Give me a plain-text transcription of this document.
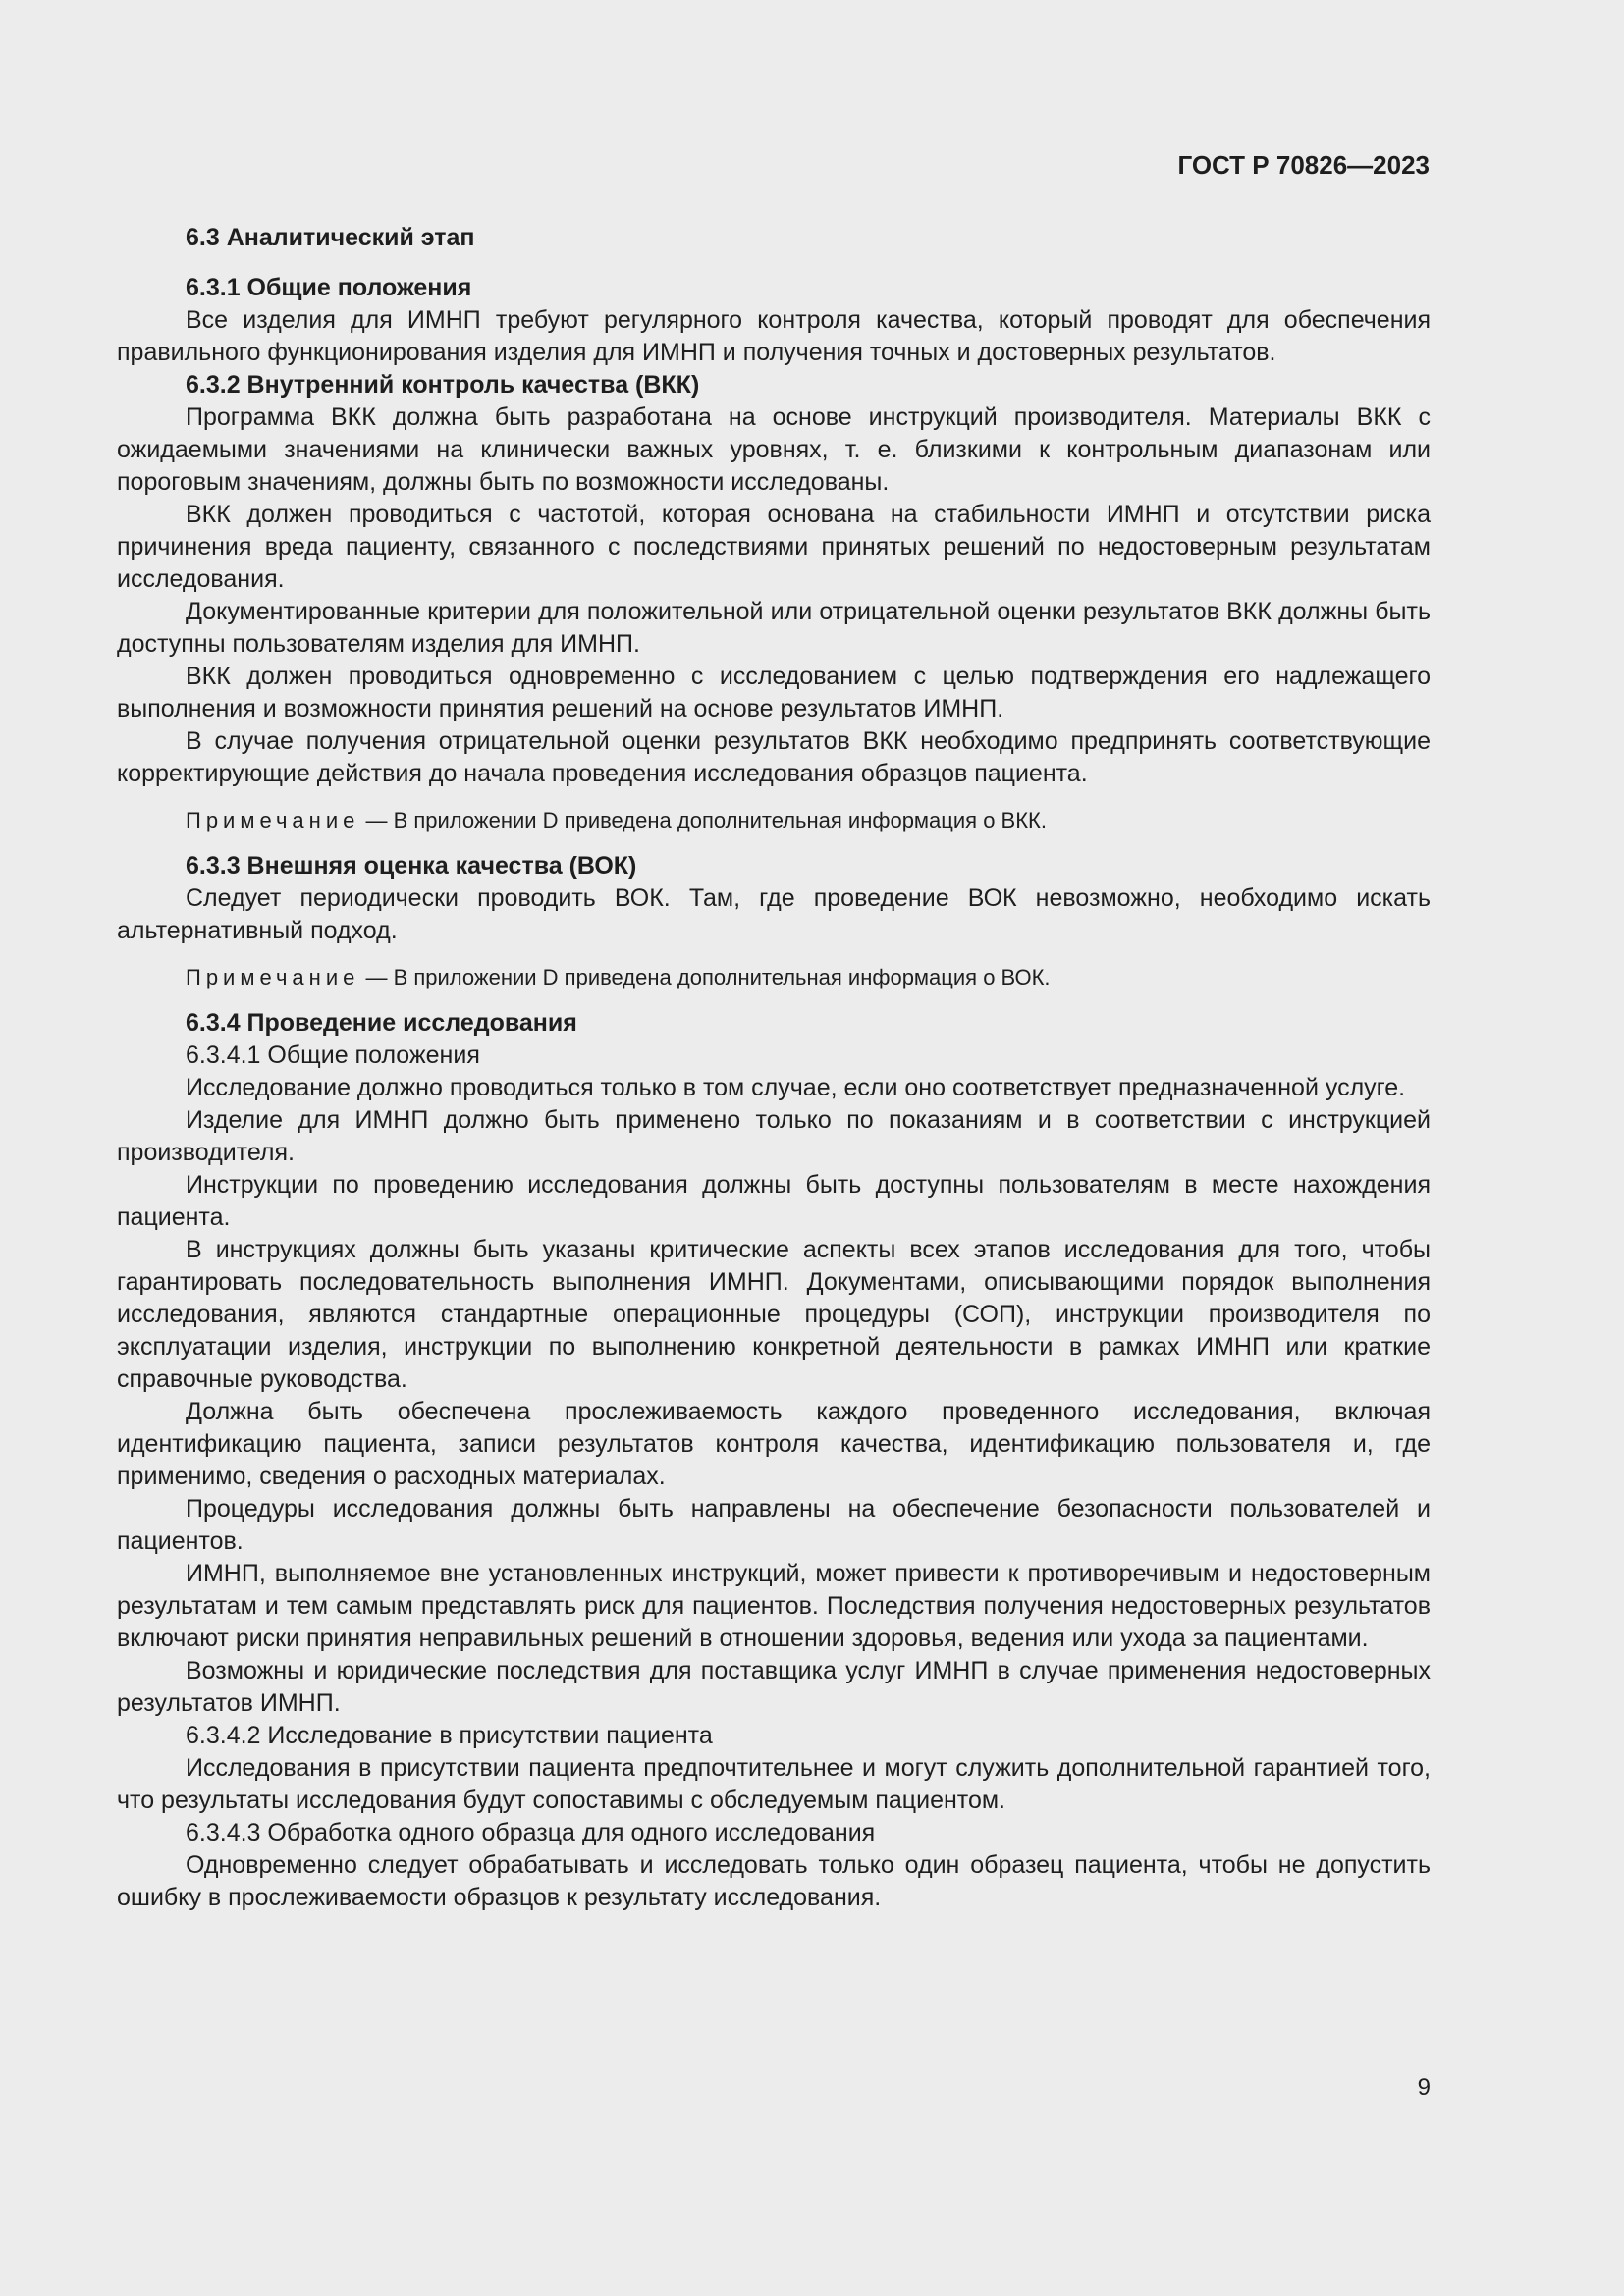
ГОСТ Р 70826—2023
6.3 Аналитический этап
6.3.1 Общие положения

Все изделия для ИМНП требуют регулярного контроля качества, который проводят для обеспечения правильного функционирования изделия для ИМНП и получения точных и достоверных результатов.

6.3.2 Внутренний контроль качества (ВКК)

Программа ВКК должна быть разработана на основе инструкций производителя. Материалы ВКК с ожидаемыми значениями на клинически важных уровнях, т. е. близкими к контрольным диапазонам или пороговым значениям, должны быть по возможности исследованы.

ВКК должен проводиться с частотой, которая основана на стабильности ИМНП и отсутствии риска причинения вреда пациенту, связанного с последствиями принятых решений по недостоверным результатам исследования.

Документированные критерии для положительной или отрицательной оценки результатов ВКК должны быть доступны пользователям изделия для ИМНП.

ВКК должен проводиться одновременно с исследованием с целью подтверждения его надлежащего выполнения и возможности принятия решений на основе результатов ИМНП.

В случае получения отрицательной оценки результатов ВКК необходимо предпринять соответствующие корректирующие действия до начала проведения исследования образцов пациента.

Примечание — В приложении D приведена дополнительная информация о ВКК.
6.3.3 Внешняя оценка качества (ВОК)

Следует периодически проводить ВОК. Там, где проведение ВОК невозможно, необходимо искать альтернативный подход.

Примечание — В приложении D приведена дополнительная информация о ВОК.
6.3.4 Проведение исследования
6.3.4.1 Общие положения

Исследование должно проводиться только в том случае, если оно соответствует предназначенной услуге.

Изделие для ИМНП должно быть применено только по показаниям и в соответствии с инструкцией производителя.

Инструкции по проведению исследования должны быть доступны пользователям в месте нахождения пациента.

В инструкциях должны быть указаны критические аспекты всех этапов исследования для того, чтобы гарантировать последовательность выполнения ИМНП. Документами, описывающими порядок выполнения исследования, являются стандартные операционные процедуры (СОП), инструкции производителя по эксплуатации изделия, инструкции по выполнению конкретной деятельности в рамках ИМНП или краткие справочные руководства.

Должна быть обеспечена прослеживаемость каждого проведенного исследования, включая идентификацию пациента, записи результатов контроля качества, идентификацию пользователя и, где применимо, сведения о расходных материалах.

Процедуры исследования должны быть направлены на обеспечение безопасности пользователей и пациентов.

ИМНП, выполняемое вне установленных инструкций, может привести к противоречивым и недостоверным результатам и тем самым представлять риск для пациентов. Последствия получения недостоверных результатов включают риски принятия неправильных решений в отношении здоровья, ведения или ухода за пациентами.

Возможны и юридические последствия для поставщика услуг ИМНП в случае применения недостоверных результатов ИМНП.

6.3.4.2 Исследование в присутствии пациента

Исследования в присутствии пациента предпочтительнее и могут служить дополнительной гарантией того, что результаты исследования будут сопоставимы с обследуемым пациентом.

6.3.4.3 Обработка одного образца для одного исследования

Одновременно следует обрабатывать и исследовать только один образец пациента, чтобы не допустить ошибку в прослеживаемости образцов к результату исследования.

9
